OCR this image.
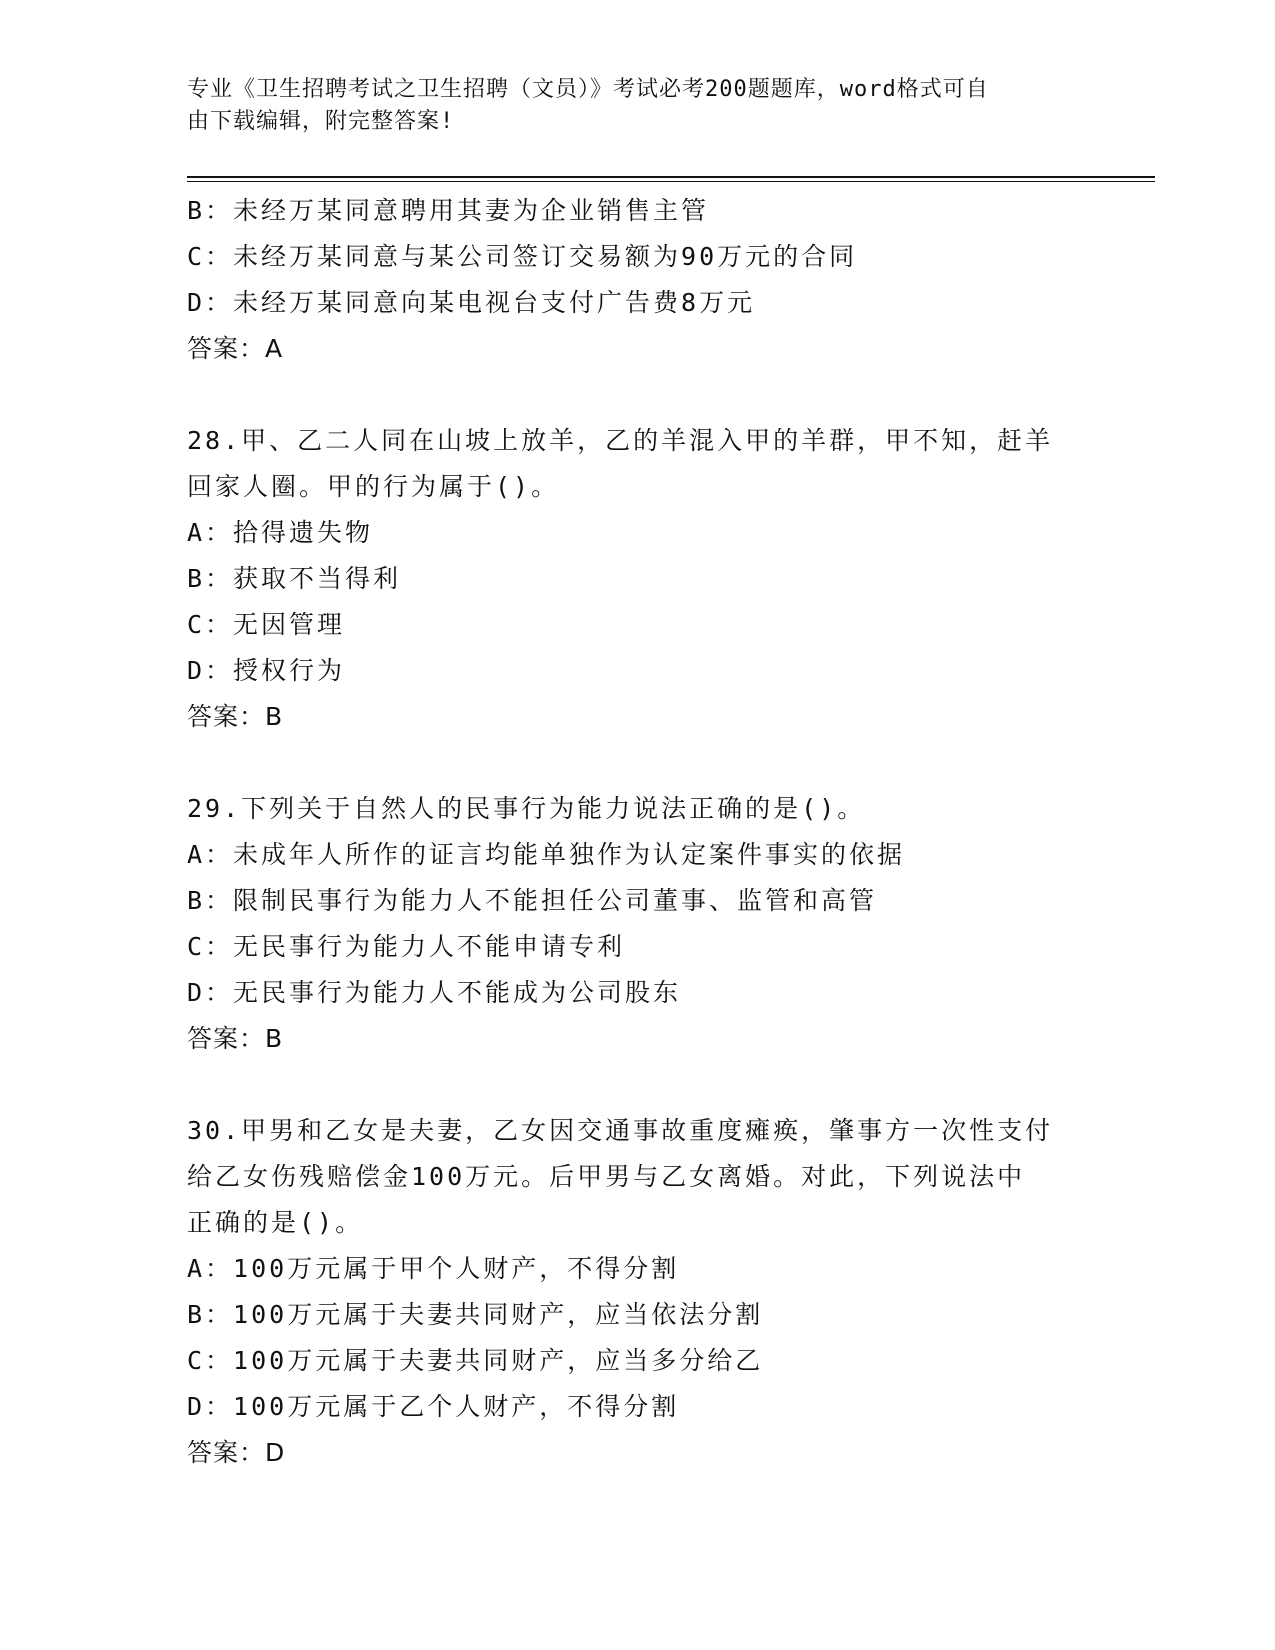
专业《卫生招聘考试之卫生招聘（文员）》考试必考200题题库，word格式可自
由下载编辑，附完整答案!
B：未经万某同意聘用其妻为企业销售主管
C：未经万某同意与某公司签订交易额为90万元的合同
D：未经万某同意向某电视台支付广告费8万元
答案：A
28.甲、乙二人同在山坡上放羊，乙的羊混入甲的羊群，甲不知，赶羊
回家人圈。甲的行为属于()。
A：拾得遗失物
B：获取不当得利
C：无因管理
D：授权行为
答案：B
29.下列关于自然人的民事行为能力说法正确的是()。
A：未成年人所作的证言均能单独作为认定案件事实的依据
B：限制民事行为能力人不能担任公司董事、监管和高管
C：无民事行为能力人不能申请专利
D：无民事行为能力人不能成为公司股东
答案：B
30.甲男和乙女是夫妻，乙女因交通事故重度瘫痪，肇事方一次性支付
给乙女伤残赔偿金100万元。后甲男与乙女离婚。对此，下列说法中
正确的是()。
A：100万元属于甲个人财产，不得分割
B：100万元属于夫妻共同财产，应当依法分割
C：100万元属于夫妻共同财产，应当多分给乙
D：100万元属于乙个人财产，不得分割
答案：D
